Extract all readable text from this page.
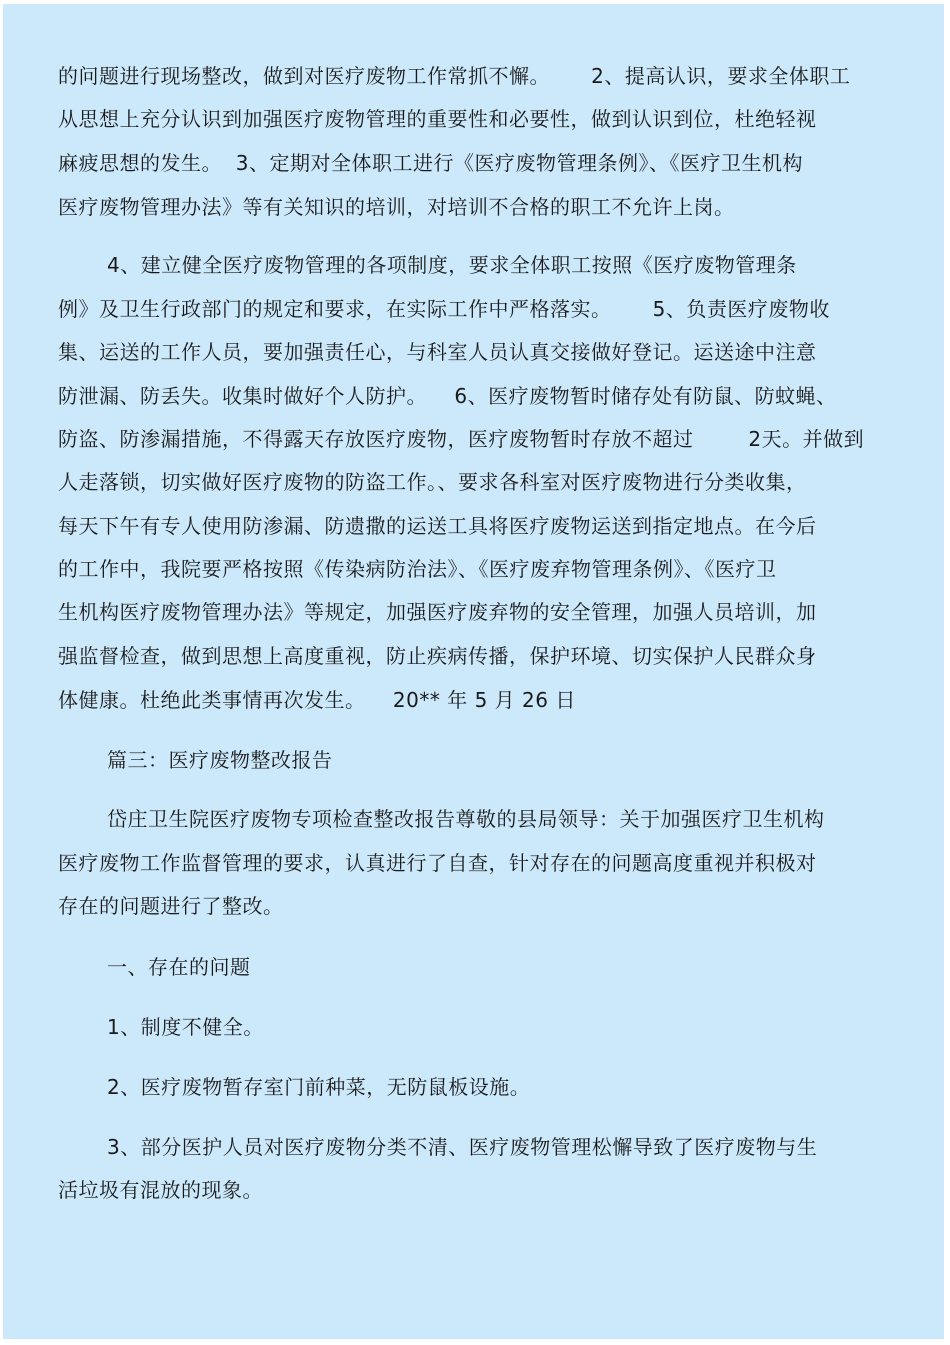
的问题进行现场整改，做到对医疗废物工作常抓不懈。      2、提高认识，要求全体职工
从思想上充分认识到加强医疗废物管理的重要性和必要性，做到认识到位，杜绝轻视
麻疲思想的发生。  3、定期对全体职工进行《医疗废物管理条例》、《医疗卫生机构
医疗废物管理办法》等有关知识的培训，对培训不合格的职工不允许上岗。
4、建立健全医疗废物管理的各项制度，要求全体职工按照《医疗废物管理条
例》及卫生行政部门的规定和要求，在实际工作中严格落实。      5、负责医疗废物收
集、运送的工作人员，要加强责任心，与科室人员认真交接做好登记。运送途中注意
防泄漏、防丢失。收集时做好个人防护。    6、医疗废物暂时储存处有防鼠、防蚊蝇、
防盗、防渗漏措施，不得露天存放医疗废物，医疗废物暂时存放不超过        2天。并做到
人走落锁，切实做好医疗废物的防盗工作。、要求各科室对医疗废物进行分类收集，
每天下午有专人使用防渗漏、防遗撒的运送工具将医疗废物运送到指定地点。在今后
的工作中，我院要严格按照《传染病防治法》、《医疗废弃物管理条例》、《医疗卫
生机构医疗废物管理办法》等规定，加强医疗废弃物的安全管理，加强人员培训，加
强监督检查，做到思想上高度重视，防止疾病传播，保护环境、切实保护人民群众身
体健康。杜绝此类事情再次发生。    20** 年 5 月 26 日
篇三：医疗废物整改报告
岱庄卫生院医疗废物专项检查整改报告尊敬的县局领导：关于加强医疗卫生机构
医疗废物工作监督管理的要求，认真进行了自查，针对存在的问题高度重视并积极对
存在的问题进行了整改。
一、存在的问题
1、制度不健全。
2、医疗废物暂存室门前种菜，无防鼠板设施。
3、部分医护人员对医疗废物分类不清、医疗废物管理松懈导致了医疗废物与生
活垃圾有混放的现象。
